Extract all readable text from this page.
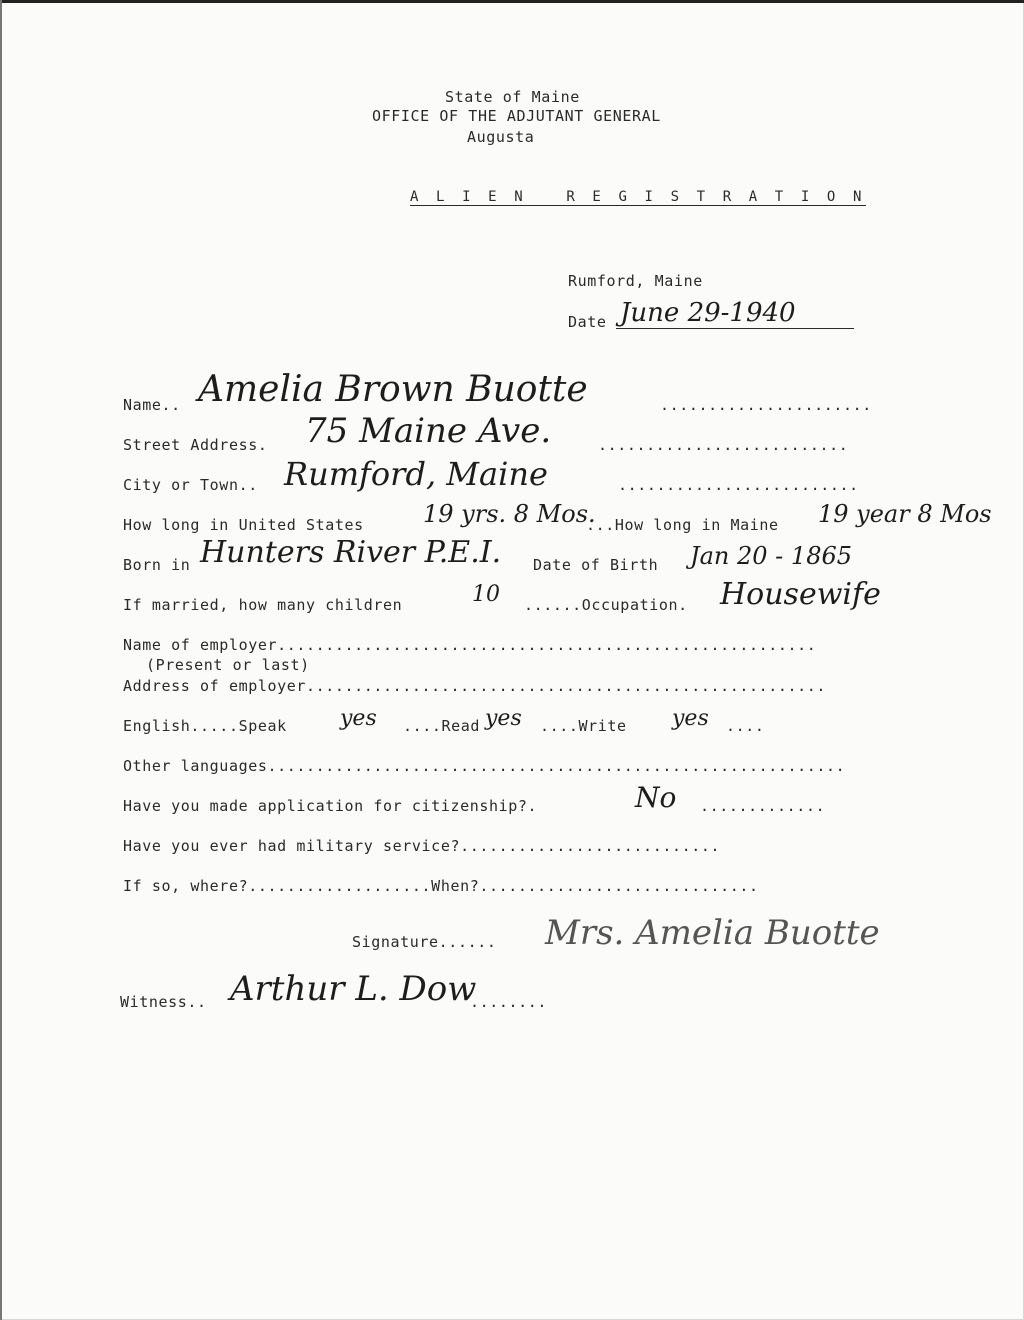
State of Maine
OFFICE OF THE ADJUTANT GENERAL
Augusta
A L I E N   R E G I S T R A T I O N
Rumford, Maine
Date June 29-1940
Name.. Amelia Brown Buotte	......................
Street Address. 75 Maine Ave.	..........................
City or Town.. Rumford, Maine	.........................
How long in United States 19 yrs. 8 Mos.
...How long in Maine 19 year 8 Mos
Born in Hunters River P.E.I. Date of Birth Jan 20 - 1865
If married, how many children	10 ......Occupation. Housewife
Name of employer........................................................
(Present or last)
Address of employer......................................................
English.....Speak yes ....Read yes ....Write yes ....
Other languages............................................................
Have you made application for citizenship?.	No .............
Have you ever had military service?...........................
If so, where?...................When?.............................
Signature...... Mrs. Amelia Buotte
Witness.. Arthur L. Dow
........
